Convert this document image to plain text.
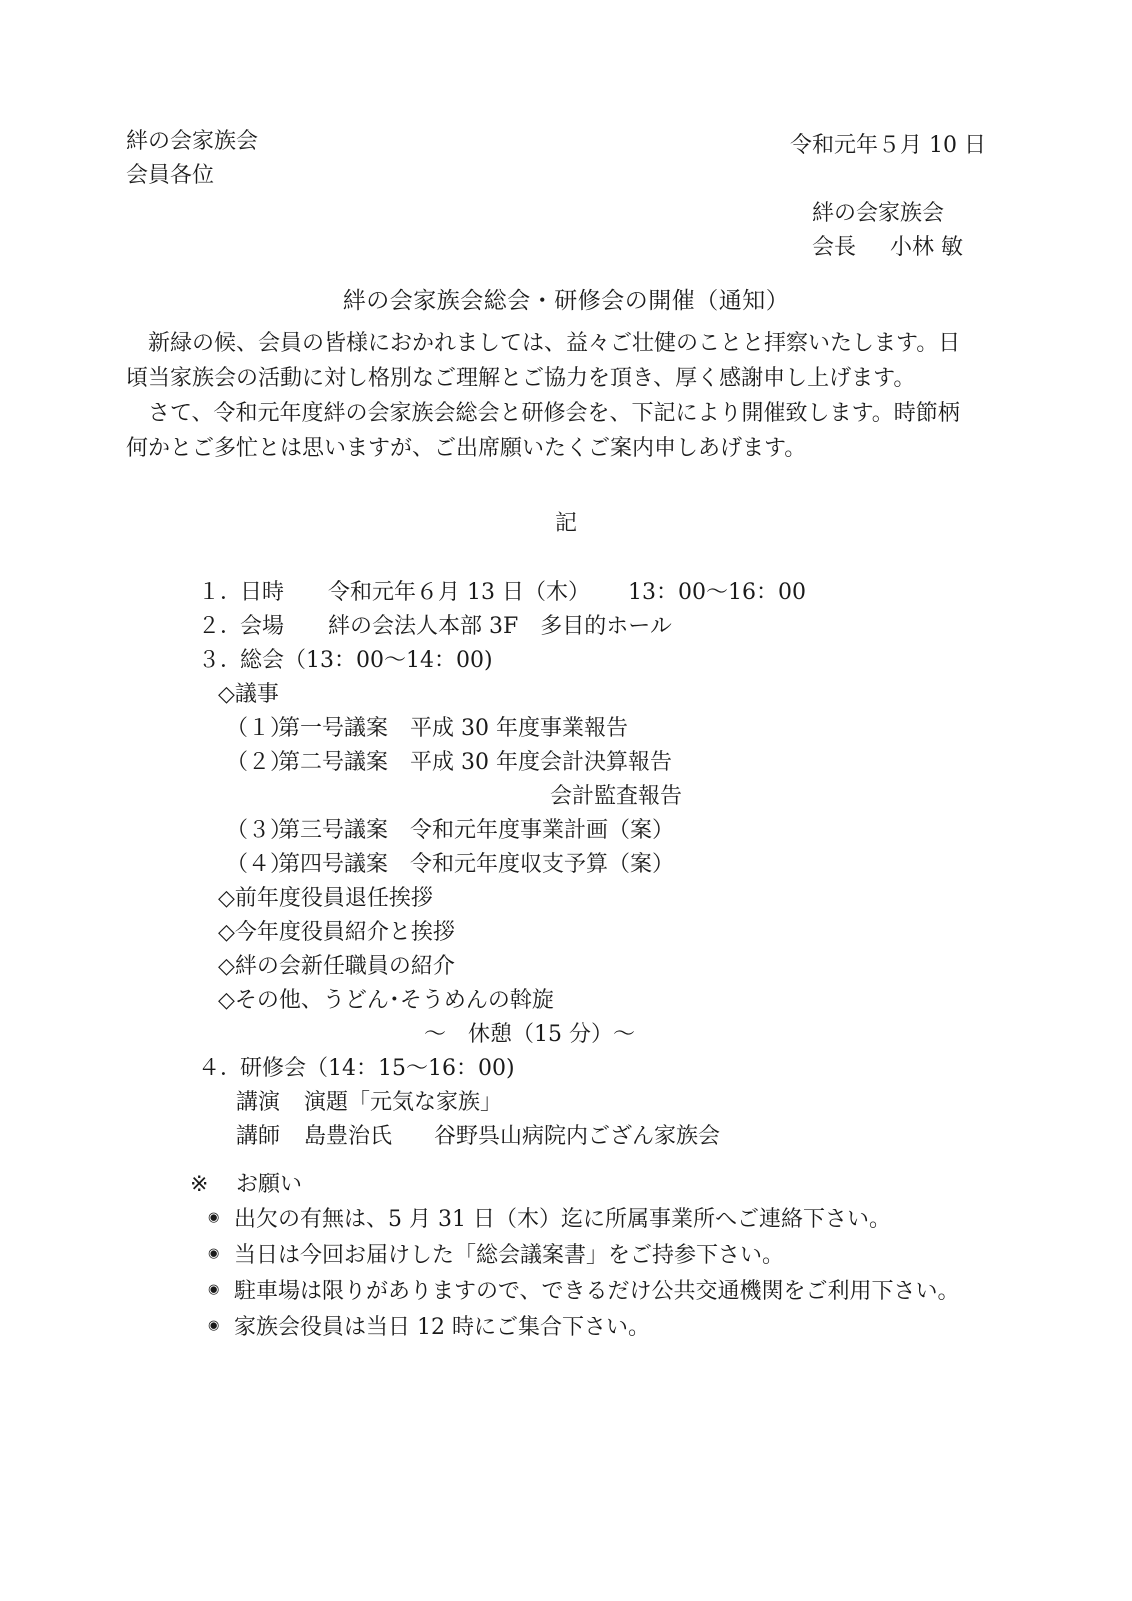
絆の会家族会
会員各位
令和元年５月 10 日
絆の会家族会
会長 小林 敏
絆の会家族会総会・研修会の開催（通知）
新緑の候、会員の皆様におかれましては、益々ご壮健のことと拝察いたします。日
頃当家族会の活動に対し格別なご理解とご協力を頂き、厚く感謝申し上げます。
さて、令和元年度絆の会家族会総会と研修会を、下記により開催致します。時節柄
何かとご多忙とは思いますが、ご出席願いたくご案内申しあげます。
記
１．日時 令和元年６月 13 日（木） 13：00～16：00
２．会場 絆の会法人本部 3F　多目的ホール
３．総会（13：00～14：00)
◇議事
（１）第一号議案 平成 30 年度事業報告
（２）第二号議案 平成 30 年度会計決算報告
会計監査報告
（３）第三号議案 令和元年度事業計画（案）
（４）第四号議案 令和元年度収支予算（案）
◇前年度役員退任挨拶
◇今年度役員紹介と挨拶
◇絆の会新任職員の紹介
◇その他、うどん･そうめんの斡旋
～　休憩（15 分）～
４．研修会（14：15～16：00)
講演 演題「元気な家族」
講師 島豊治氏 谷野呉山病院内ござん家族会
※ お願い
◉ 出欠の有無は、5 月 31 日（木）迄に所属事業所へご連絡下さい。
◉ 当日は今回お届けした「総会議案書」をご持参下さい。
◉ 駐車場は限りがありますので、できるだけ公共交通機関をご利用下さい。
◉ 家族会役員は当日 12 時にご集合下さい。
